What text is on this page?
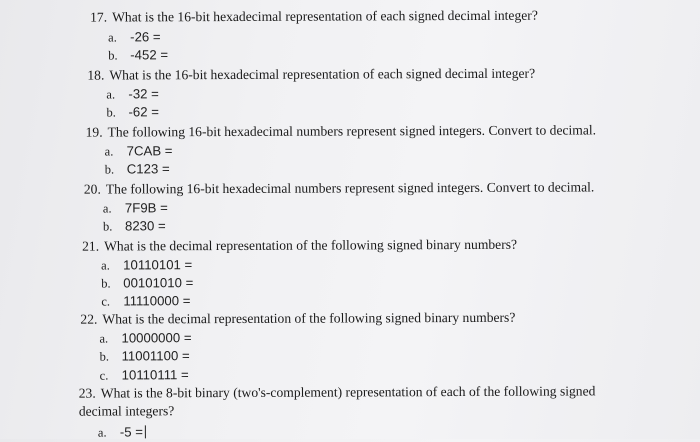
17. What is the 16-bit hexadecimal representation of each signed decimal integer?
a. -26 =
b. -452 =
18. What is the 16-bit hexadecimal representation of each signed decimal integer?
a. -32 =
b. -62 =
19. The following 16-bit hexadecimal numbers represent signed integers. Convert to decimal.
a. 7CAB =
b. C123 =
20. The following 16-bit hexadecimal numbers represent signed integers. Convert to decimal.
a. 7F9B =
b. 8230 =
21. What is the decimal representation of the following signed binary numbers?
a. 10110101 =
b. 00101010 =
c. 11110000 =
22. What is the decimal representation of the following signed binary numbers?
a. 10000000 =
b. 11001100 =
c. 10110111 =
23. What is the 8-bit binary (two's-complement) representation of each of the following signed
decimal integers?
a. -5 =
